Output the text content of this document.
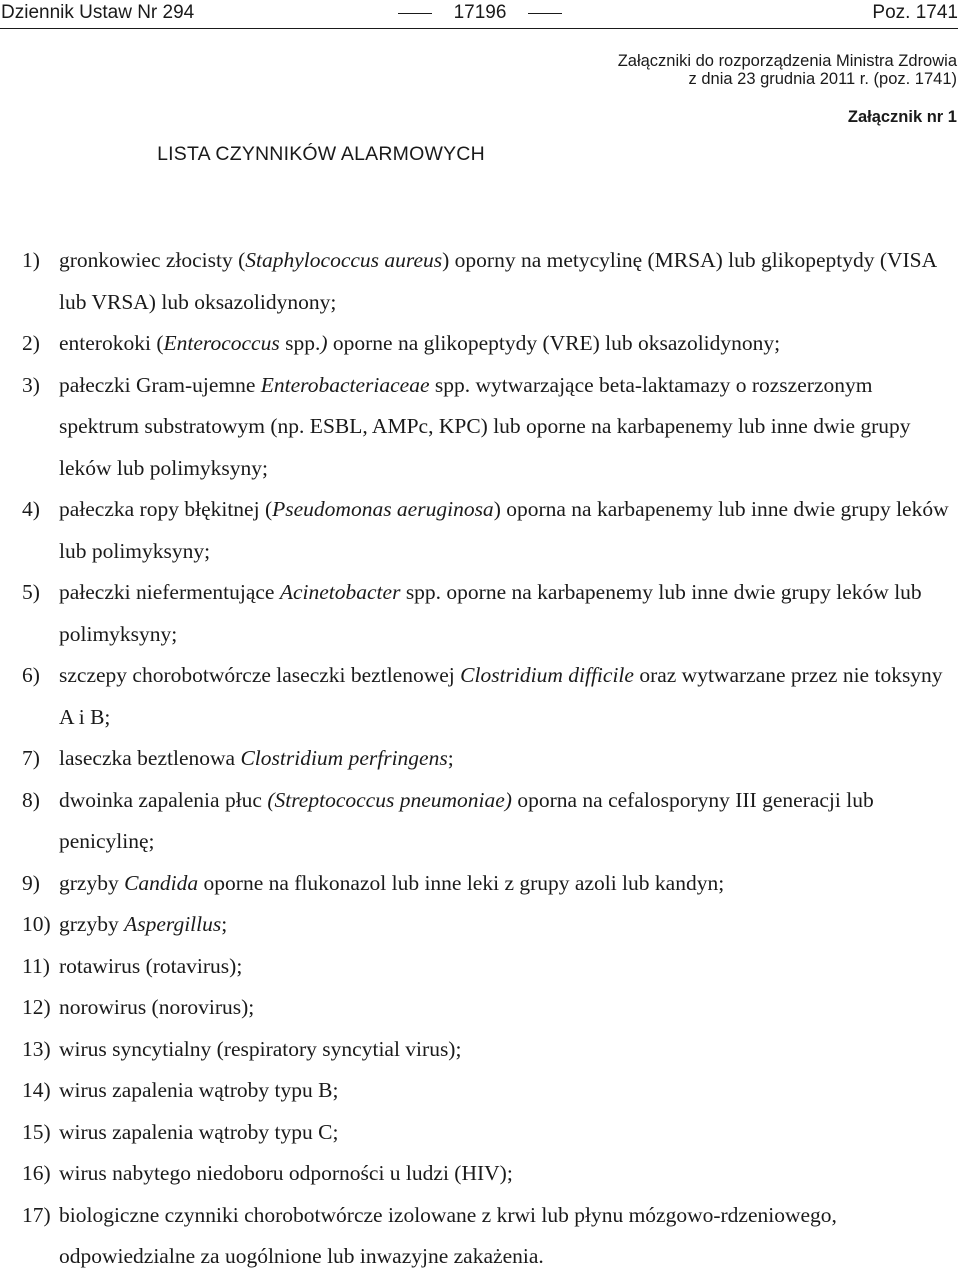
Dziennik Ustaw Nr 294	17196	Poz. 1741
Załączniki do rozporządzenia Ministra Zdrowia
z dnia 23 grudnia 2011 r. (poz. 1741)
Załącznik nr 1
LISTA CZYNNIKÓW ALARMOWYCH
1) gronkowiec złocisty (Staphylococcus aureus) oporny na metycylinę (MRSA) lub glikopeptydy (VISA lub VRSA) lub oksazolidynony;
2) enterokoki (Enterococcus spp.) oporne na glikopeptydy (VRE) lub oksazolidynony;
3) pałeczki Gram-ujemne Enterobacteriaceae spp. wytwarzające beta-laktamazy o rozszerzonym spektrum substratowym (np. ESBL, AMPc, KPC) lub oporne na karbapenemy lub inne dwie grupy leków lub polimyksyny;
4) pałeczka ropy błękitnej (Pseudomonas aeruginosa) oporna na karbapenemy lub inne dwie grupy leków lub polimyksyny;
5) pałeczki niefermentujące Acinetobacter spp. oporne na karbapenemy lub inne dwie grupy leków lub polimyksyny;
6) szczepy chorobotwórcze laseczki beztlenowej Clostridium difficile oraz wytwarzane przez nie toksyny A i B;
7) laseczka beztlenowa Clostridium perfringens;
8) dwoinka zapalenia płuc (Streptococcus pneumoniae) oporna na cefalosporyny III generacji lub penicylinę;
9) grzyby Candida oporne na flukonazol lub inne leki z grupy azoli lub kandyn;
10) grzyby Aspergillus;
11) rotawirus (rotavirus);
12) norowirus (norovirus);
13) wirus syncytialny (respiratory syncytial virus);
14) wirus zapalenia wątroby typu B;
15) wirus zapalenia wątroby typu C;
16) wirus nabytego niedoboru odporności u ludzi (HIV);
17) biologiczne czynniki chorobotwórcze izolowane z krwi lub płynu mózgowo-rdzeniowego, odpowiedzialne za uogólnione lub inwazyjne zakażenia.
